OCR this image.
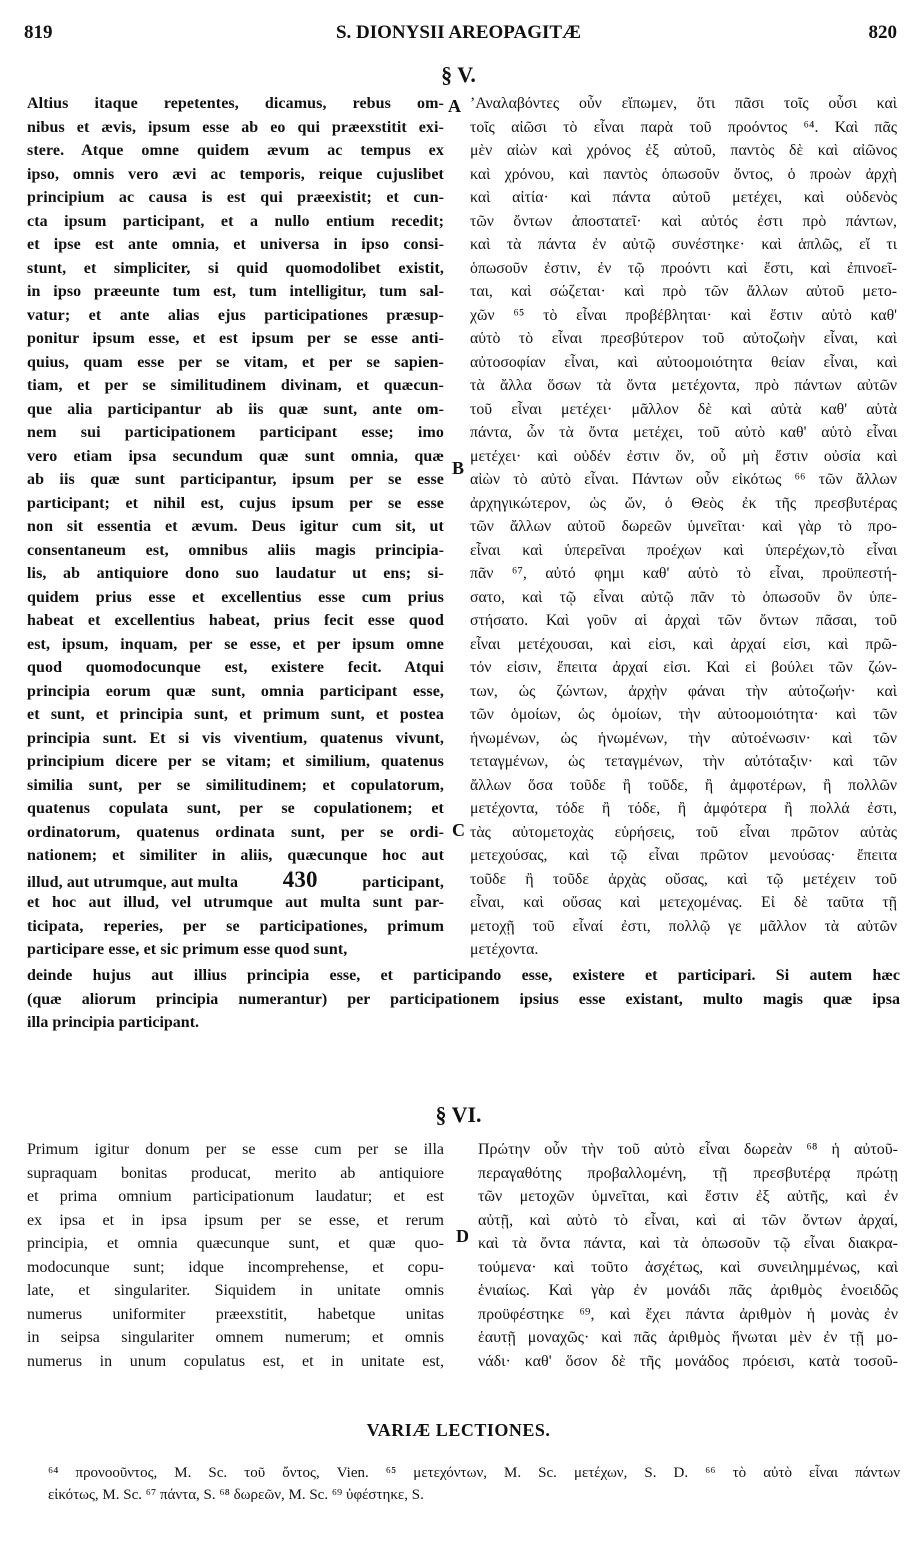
819	S. DIONYSII AREOPAGITÆ	820
§ V.
Altius itaque repetentes, dicamus, rebus om-
nibus et ævis, ipsum esse ab eo qui præexstitit exi-
stere. Atque omne quidem ævum ac tempus ex
ipso, omnis vero ævi ac temporis, reique cujuslibet
principium ac causa is est qui præexistit; et cun-
cta ipsum participant, et a nullo entium recedit;
et ipse est ante omnia, et universa in ipso consi-
stunt, et simpliciter, si quid quomodolibet existit,
in ipso præeunte tum est, tum intelligitur, tum sal-
vatur; et ante alias ejus participationes præsup-
ponitur ipsum esse, et est ipsum per se esse anti-
quius, quam esse per se vitam, et per se sapien-
tiam, et per se similitudinem divinam, et quæcun-
que alia participantur ab iis quæ sunt, ante om-
nem sui participationem participant esse; imo
vero etiam ipsa secundum quæ sunt omnia, quæ
ab iis quæ sunt participantur, ipsum per se esse
participant; et nihil est, cujus ipsum per se esse
non sit essentia et ævum. Deus igitur cum sit, ut
consentaneum est, omnibus aliis magis principia-
lis, ab antiquiore dono suo laudatur ut ens; si-
quidem prius esse et excellentius esse cum prius
habeat et excellentius habeat, prius fecit esse quod
est, ipsum, inquam, per se esse, et per ipsum omne
quod quomodocunque est, existere fecit. Atqui
principia eorum quæ sunt, omnia participant esse,
et sunt, et principia sunt, et primum sunt, et postea
principia sunt. Et si vis viventium, quatenus vivunt,
principium dicere per se vitam; et similium, quatenus
similia sunt, per se similitudinem; et copulatorum,
quatenus copulata sunt, per se copulationem; et
ordinatorum, quatenus ordinata sunt, per se ordi-
nationem; et similiter in aliis, quæcunque hoc aut
illud, aut utrumque, aut multa 430	participant,
et hoc aut illud, vel utrumque aut multa sunt par-
ticipata, reperies, per se participationes, primum
participare esse, et sic primum esse quod sunt,
ʼΑναλαβόντες οὖν εἴπωμεν, ὅτι πᾶσι τοῖς οὖσι καὶ
τοῖς αἰῶσι τὸ εἶναι παρὰ τοῦ προόντος ⁶⁴. Καὶ πᾶς
μὲν αἰὼν καὶ χρόνος ἐξ αὐτοῦ, παντὸς δὲ καὶ αἰῶνος
καὶ χρόνου, καὶ παντὸς ὁπωσοῦν ὄντος, ὁ προὼν ἀρχὴ
καὶ αἰτία· καὶ πάντα αὐτοῦ μετέχει, καὶ οὐδενὸς
τῶν ὄντων ἀποστατεῖ· καὶ αὐτός ἐστι πρὸ πάντων,
καὶ τὰ πάντα ἐν αὐτῷ συνέστηκε· καὶ ἁπλῶς, εἴ τι
ὁπωσοῦν ἐστιν, ἐν τῷ προόντι καὶ ἔστι, καὶ ἐπινοεῖ-
ται, καὶ σώζεται· καὶ πρὸ τῶν ἄλλων αὐτοῦ μετο-
χῶν ⁶⁵ τὸ εἶναι προβέβληται· καὶ ἔστιν αὐτὸ καθ'
αὑτὸ τὸ εἶναι πρεσβύτερον τοῦ αὐτοζωὴν εἶναι, καὶ
αὐτοσοφίαν εἶναι, καὶ αὐτοομοιότητα θείαν εἶναι, καὶ
τὰ ἄλλα ὅσων τὰ ὄντα μετέχοντα, πρὸ πάντων αὐτῶν
τοῦ εἶναι μετέχει· μᾶλλον δὲ καὶ αὐτὰ καθ' αὑτὰ
πάντα, ὧν τὰ ὄντα μετέχει, τοῦ αὐτὸ καθ' αὑτὸ εἶναι
μετέχει· καὶ οὐδέν ἐστιν ὄν, οὗ μὴ ἔστιν οὐσία καὶ
αἰὼν τὸ αὐτὸ εἶναι. Πάντων οὖν εἰκότως ⁶⁶ τῶν ἄλλων
ἀρχηγικώτερον, ὡς ὤν, ὁ Θεὸς ἐκ τῆς πρεσβυτέρας
τῶν ἄλλων αὐτοῦ δωρεῶν ὑμνεῖται· καὶ γὰρ τὸ προ-
εἶναι καὶ ὑπερεῖναι προέχων καὶ ὑπερέχων,τὸ εἶναι
πᾶν ⁶⁷, αὐτό φημι καθ' αὑτὸ τὸ εἶναι, προϋπεστή-
σατο, καὶ τῷ εἶναι αὐτῷ πᾶν τὸ ὁπωσοῦν ὂν ὑπε-
στήσατο. Καὶ γοῦν αἱ ἀρχαὶ τῶν ὄντων πᾶσαι, τοῦ
εἶναι μετέχουσαι, καὶ εἰσι, καὶ ἀρχαί εἰσι, καὶ πρῶ-
τόν εἰσιν, ἔπειτα ἀρχαί εἰσι. Καὶ εἰ βούλει τῶν ζών-
των, ὡς ζώντων, ἀρχὴν φάναι τὴν αὐτοζωήν· καὶ
τῶν ὁμοίων, ὡς ὁμοίων, τὴν αὐτοομοιότητα· καὶ τῶν
ἡνωμένων, ὡς ἡνωμένων, τὴν αὐτοένωσιν· καὶ τῶν
τεταγμένων, ὡς τεταγμένων, τὴν αὐτόταξιν· καὶ τῶν
ἄλλων ὅσα τοῦδε ἢ τοῦδε, ἢ ἀμφοτέρων, ἢ πολλῶν
μετέχοντα, τόδε ἢ τόδε, ἢ ἀμφότερα ἢ πολλά ἐστι,
τὰς αὐτομετοχὰς εὑρήσεις, τοῦ εἶναι πρῶτον αὐτὰς
μετεχούσας, καὶ τῷ εἶναι πρῶτον μενούσας· ἔπειτα
τοῦδε ἢ τοῦδε ἀρχὰς οὔσας, καὶ τῷ μετέχειν τοῦ
εἶναι, καὶ οὔσας καὶ μετεχομένας. Εἰ δὲ ταῦτα τῇ
μετοχῇ τοῦ εἶναί ἐστι, πολλῷ γε μᾶλλον τὰ αὐτῶν
μετέχοντα.
A
B
C
D
deinde hujus aut illius principia esse, et participando esse, existere et participari. Si autem hæc
(quæ aliorum principia numerantur) per participationem ipsius esse existant, multo magis quæ ipsa
illa principia participant.
§ VI.
Primum igitur donum per se esse cum per se illa
supraquam bonitas producat, merito ab antiquiore
et prima omnium participationum laudatur; et est
ex ipsa et in ipsa ipsum per se esse, et rerum
principia, et omnia quæcunque sunt, et quæ quo-
modocunque sunt; idque incomprehense, et copu-
late, et singulariter. Siquidem in unitate omnis
numerus uniformiter præexstitit, habetque unitas
in seipsa singulariter omnem numerum; et omnis
numerus in unum copulatus est, et in unitate est,
Πρώτην οὖν τὴν τοῦ αὐτὸ εἶναι δωρεὰν ⁶⁸ ἡ αὐτοῦ-
περαγαθότης προβαλλομένη, τῇ πρεσβυτέρᾳ πρώτῃ
τῶν μετοχῶν ὑμνεῖται, καὶ ἔστιν ἐξ αὐτῆς, καὶ ἐν
αὐτῇ, καὶ αὐτὸ τὸ εἶναι, καὶ αἱ τῶν ὄντων ἀρχαί,
καὶ τὰ ὄντα πάντα, καὶ τὰ ὁπωσοῦν τῷ εἶναι διακρα-
τούμενα· καὶ τοῦτο ἀσχέτως, καὶ συνειλημμένως, καὶ
ἑνιαίως. Καὶ γὰρ ἐν μονάδι πᾶς ἀριθμὸς ἑνοειδῶς
προϋφέστηκε ⁶⁹, καὶ ἔχει πάντα ἀριθμὸν ἡ μονὰς ἐν
ἑαυτῇ μοναχῶς· καὶ πᾶς ἀριθμὸς ἥνωται μὲν ἐν τῇ μο-
νάδι· καθ' ὅσον δὲ τῆς μονάδος πρόεισι, κατὰ τοσοῦ-
VARIÆ LECTIONES.
⁶⁴ προνοοῦντος, M. Sc. τοῦ ὄντος, Vien. ⁶⁵ μετεχόντων, M. Sc. μετέχων, S. D. ⁶⁶ τὸ αὐτὸ εἶναι πάντων
εἰκότως, M. Sc. ⁶⁷ πάντα, S. ⁶⁸ δωρεῶν, M. Sc. ⁶⁹ ὑφέστηκε, S.
